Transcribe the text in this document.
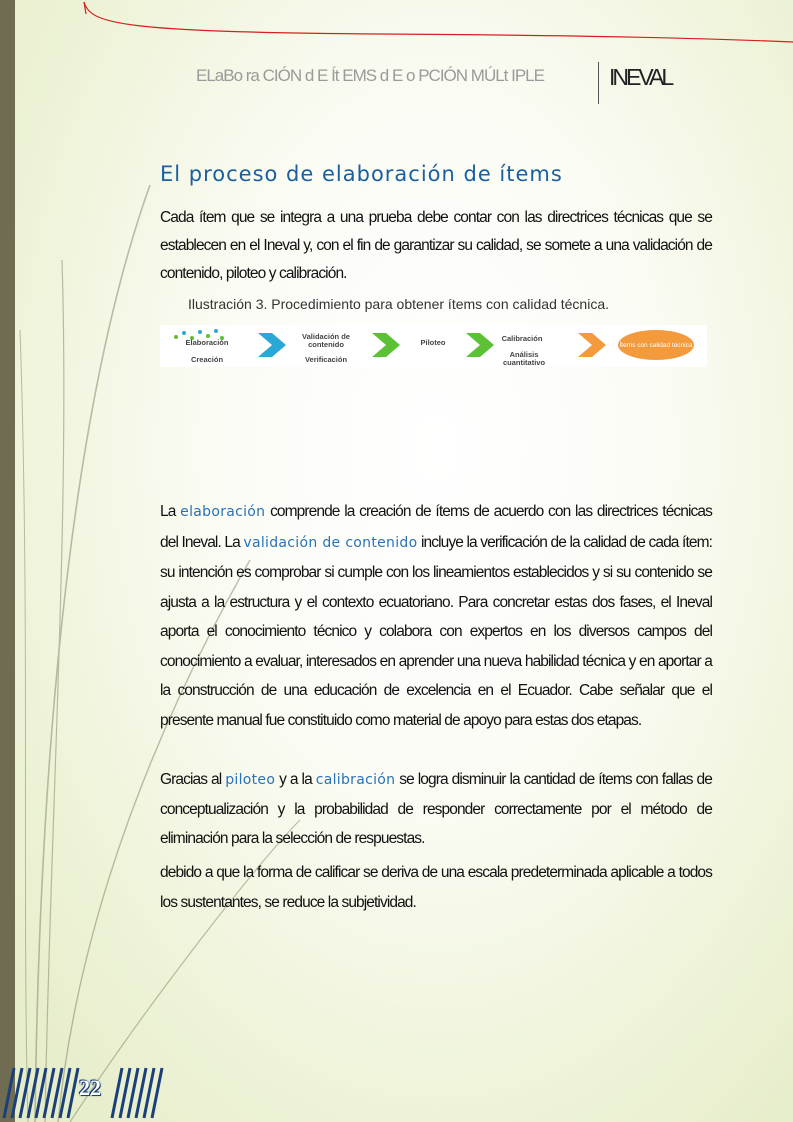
ELaBo ra CIÓN d E Ít EMS d E o PCIÓN MÚLt IPLE	INEVAL
El proceso de elaboración de ítems

Cada ítem que se integra a una prueba debe contar con las directrices técnicas que se establecen en el Ineval y, con el fin de garantizar su calidad, se somete a una validación de contenido, piloteo y calibración.

Ilustración 3. Procedimiento para obtener ítems con calidad técnica.
Elaboración
Creación
Validación de contenido
Verificación
Piloteo	Calibración
Análisis cuantitativo
Ítems con calidad técnica

La elaboración comprende la creación de ítems de acuerdo con las directrices técnicas del Ineval. La validación de contenido incluye la verificación de la calidad de cada ítem: su intención es comprobar si cumple con los lineamientos establecidos y si su contenido se ajusta a la estructura y el contexto ecuatoriano. Para concretar estas dos fases, el Ineval aporta el conocimiento técnico y colabora con expertos en los diversos campos del conocimiento a evaluar, interesados en aprender una nueva habilidad técnica y en aportar a la construcción de una educación de excelencia en el Ecuador. Cabe señalar que el presente manual fue constituido como material de apoyo para estas dos etapas.

Gracias al piloteo y a la calibración se logra disminuir la cantidad de ítems con fallas de conceptualización y la probabilidad de responder correctamente por el método de eliminación para la selección de respuestas.

debido a que la forma de calificar se deriva de una escala predeterminada aplicable a todos los sustentantes, se reduce la subjetividad.

22
